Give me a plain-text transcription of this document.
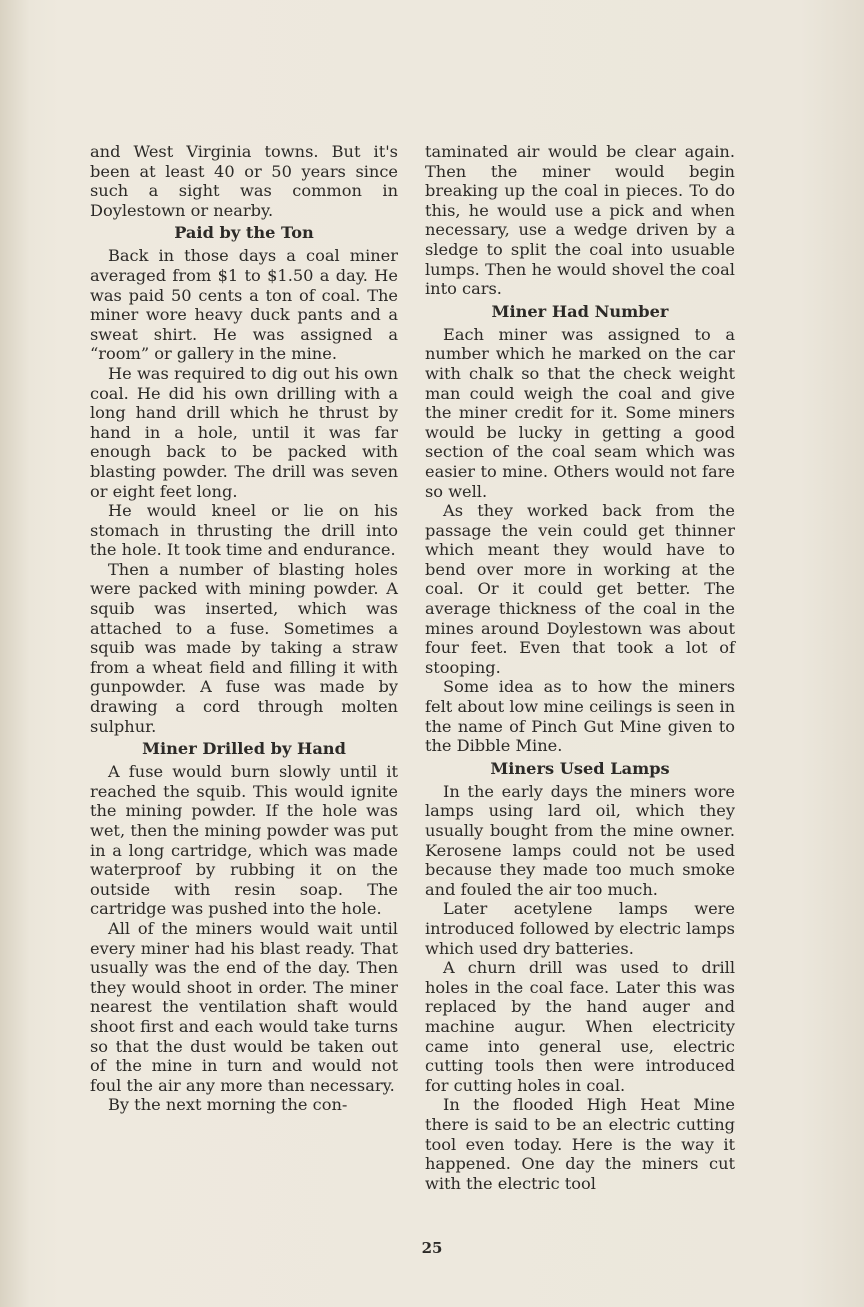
and West Virginia towns. But it's been at least 40 or 50 years since such a sight was common in Doylestown or nearby.

Paid by the Ton

Back in those days a coal miner averaged from $1 to $1.50 a day. He was paid 50 cents a ton of coal. The miner wore heavy duck pants and a sweat shirt. He was assigned a “room” or gallery in the mine.

He was required to dig out his own coal. He did his own drilling with a long hand drill which he thrust by hand in a hole, until it was far enough back to be packed with blasting powder. The drill was seven or eight feet long.

He would kneel or lie on his stomach in thrusting the drill into the hole. It took time and endurance.

Then a number of blasting holes were packed with mining powder. A squib was inserted, which was attached to a fuse. Sometimes a squib was made by taking a straw from a wheat field and filling it with gunpowder. A fuse was made by drawing a cord through molten sulphur.

Miner Drilled by Hand

A fuse would burn slowly until it reached the squib. This would ignite the mining powder. If the hole was wet, then the mining powder was put in a long cartridge, which was made waterproof by rubbing it on the outside with resin soap. The cartridge was pushed into the hole.

All of the miners would wait until every miner had his blast ready. That usually was the end of the day. Then they would shoot in order. The miner nearest the ventilation shaft would shoot first and each would take turns so that the dust would be taken out of the mine in turn and would not foul the air any more than necessary.

By the next morning the con-

taminated air would be clear again. Then the miner would begin breaking up the coal in pieces. To do this, he would use a pick and when necessary, use a wedge driven by a sledge to split the coal into usuable lumps. Then he would shovel the coal into cars.

Miner Had Number

Each miner was assigned to a number which he marked on the car with chalk so that the check weight man could weigh the coal and give the miner credit for it. Some miners would be lucky in getting a good section of the coal seam which was easier to mine. Others would not fare so well.

As they worked back from the passage the vein could get thinner which meant they would have to bend over more in working at the coal. Or it could get better. The average thickness of the coal in the mines around Doylestown was about four feet. Even that took a lot of stooping.

Some idea as to how the miners felt about low mine ceilings is seen in the name of Pinch Gut Mine given to the Dibble Mine.

Miners Used Lamps

In the early days the miners wore lamps using lard oil, which they usually bought from the mine owner. Kerosene lamps could not be used because they made too much smoke and fouled the air too much.

Later acetylene lamps were introduced followed by electric lamps which used dry batteries.

A churn drill was used to drill holes in the coal face. Later this was replaced by the hand auger and machine augur. When electricity came into general use, electric cutting tools then were introduced for cutting holes in coal.

In the flooded High Heat Mine there is said to be an electric cutting tool even today. Here is the way it happened. One day the miners cut with the electric tool

25
